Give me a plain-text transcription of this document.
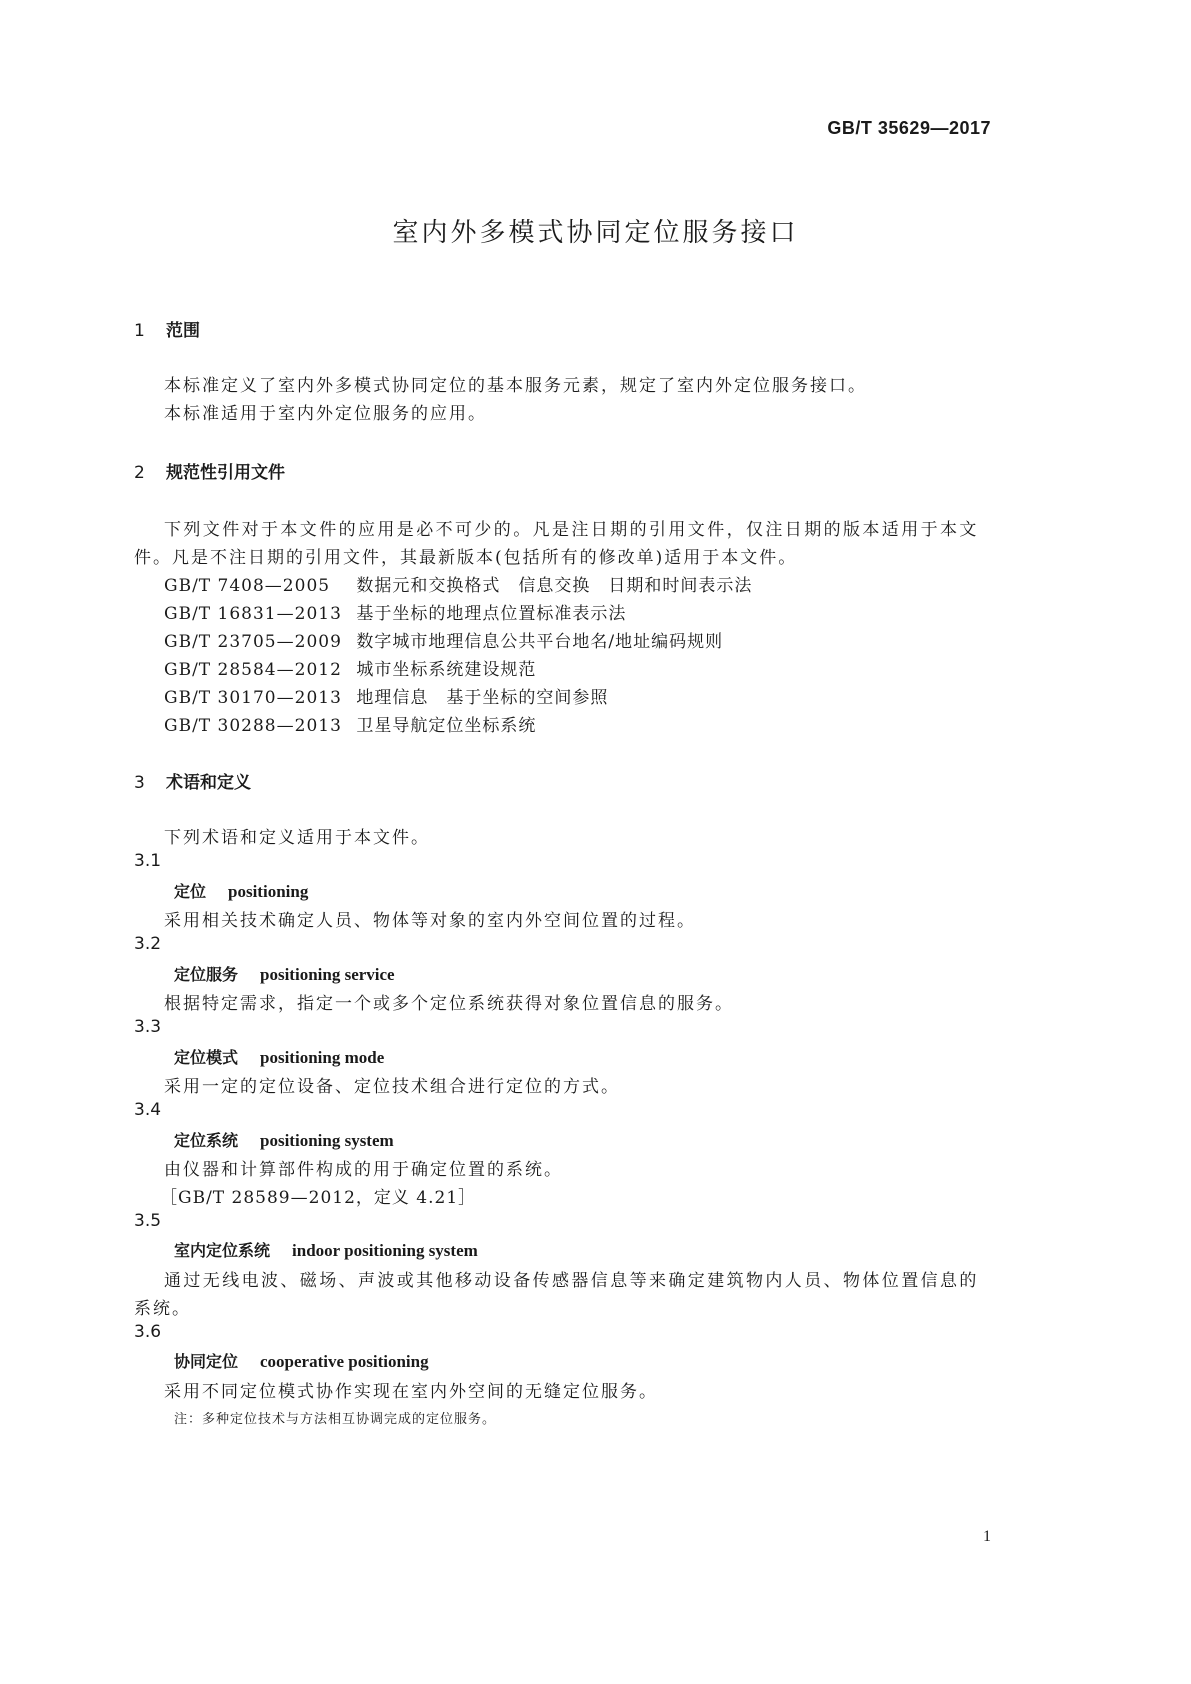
GB/T 35629—2017
室内外多模式协同定位服务接口
1 范围
本标准定义了室内外多模式协同定位的基本服务元素，规定了室内外定位服务接口。
本标准适用于室内外定位服务的应用。
2 规范性引用文件
下列文件对于本文件的应用是必不可少的。凡是注日期的引用文件，仅注日期的版本适用于本文
件。凡是不注日期的引用文件，其最新版本(包括所有的修改单)适用于本文件。
GB/T 7408—2005 数据元和交换格式　信息交换　日期和时间表示法
GB/T 16831—2013 基于坐标的地理点位置标准表示法
GB/T 23705—2009 数字城市地理信息公共平台地名/地址编码规则
GB/T 28584—2012 城市坐标系统建设规范
GB/T 30170—2013 地理信息　基于坐标的空间参照
GB/T 30288—2013 卫星导航定位坐标系统
3 术语和定义
下列术语和定义适用于本文件。
3.1
定位 positioning
采用相关技术确定人员、物体等对象的室内外空间位置的过程。
3.2
定位服务 positioning service
根据特定需求，指定一个或多个定位系统获得对象位置信息的服务。
3.3
定位模式 positioning mode
采用一定的定位设备、定位技术组合进行定位的方式。
3.4
定位系统 positioning system
由仪器和计算部件构成的用于确定位置的系统。
［GB/T 28589—2012，定义 4.21］
3.5
室内定位系统 indoor positioning system
通过无线电波、磁场、声波或其他移动设备传感器信息等来确定建筑物内人员、物体位置信息的
系统。
3.6
协同定位 cooperative positioning
采用不同定位模式协作实现在室内外空间的无缝定位服务。
注：多种定位技术与方法相互协调完成的定位服务。
1
